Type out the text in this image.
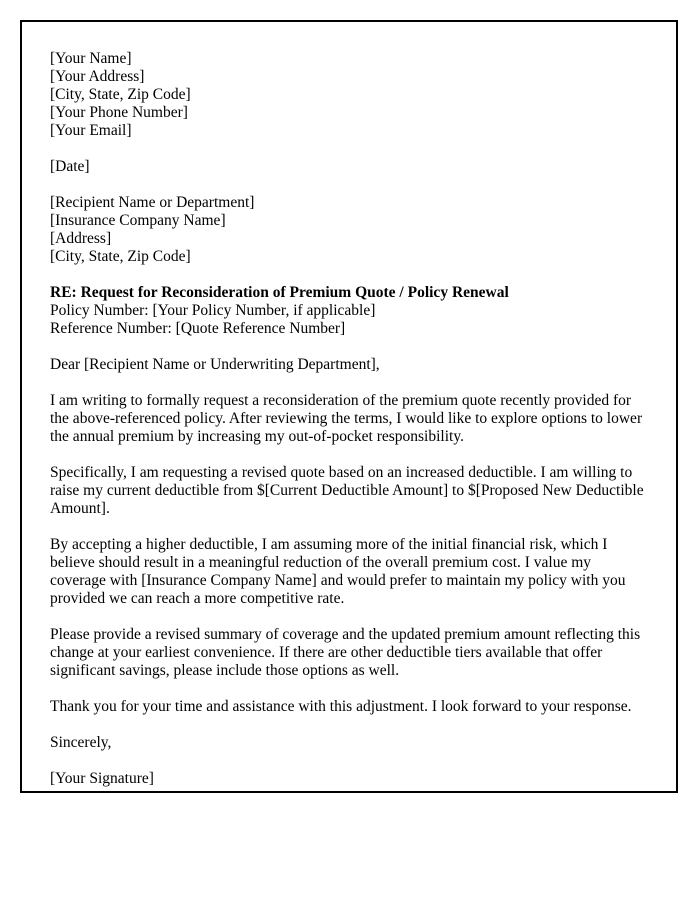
[Your Name]
[Your Address]
[City, State, Zip Code]
[Your Phone Number]
[Your Email]
[Date]
[Recipient Name or Department]
[Insurance Company Name]
[Address]
[City, State, Zip Code]
RE: Request for Reconsideration of Premium Quote / Policy Renewal
Policy Number: [Your Policy Number, if applicable]
Reference Number: [Quote Reference Number]

Dear [Recipient Name or Underwriting Department],

I am writing to formally request a reconsideration of the premium quote recently provided for the above-referenced policy. After reviewing the terms, I would like to explore options to lower the annual premium by increasing my out-of-pocket responsibility.

Specifically, I am requesting a revised quote based on an increased deductible. I am willing to raise my current deductible from $[Current Deductible Amount] to $[Proposed New Deductible Amount].

By accepting a higher deductible, I am assuming more of the initial financial risk, which I believe should result in a meaningful reduction of the overall premium cost. I value my coverage with [Insurance Company Name] and would prefer to maintain my policy with you provided we can reach a more competitive rate.

Please provide a revised summary of coverage and the updated premium amount reflecting this change at your earliest convenience. If there are other deductible tiers available that offer significant savings, please include those options as well.

Thank you for your time and assistance with this adjustment. I look forward to your response.

Sincerely,

[Your Signature]
